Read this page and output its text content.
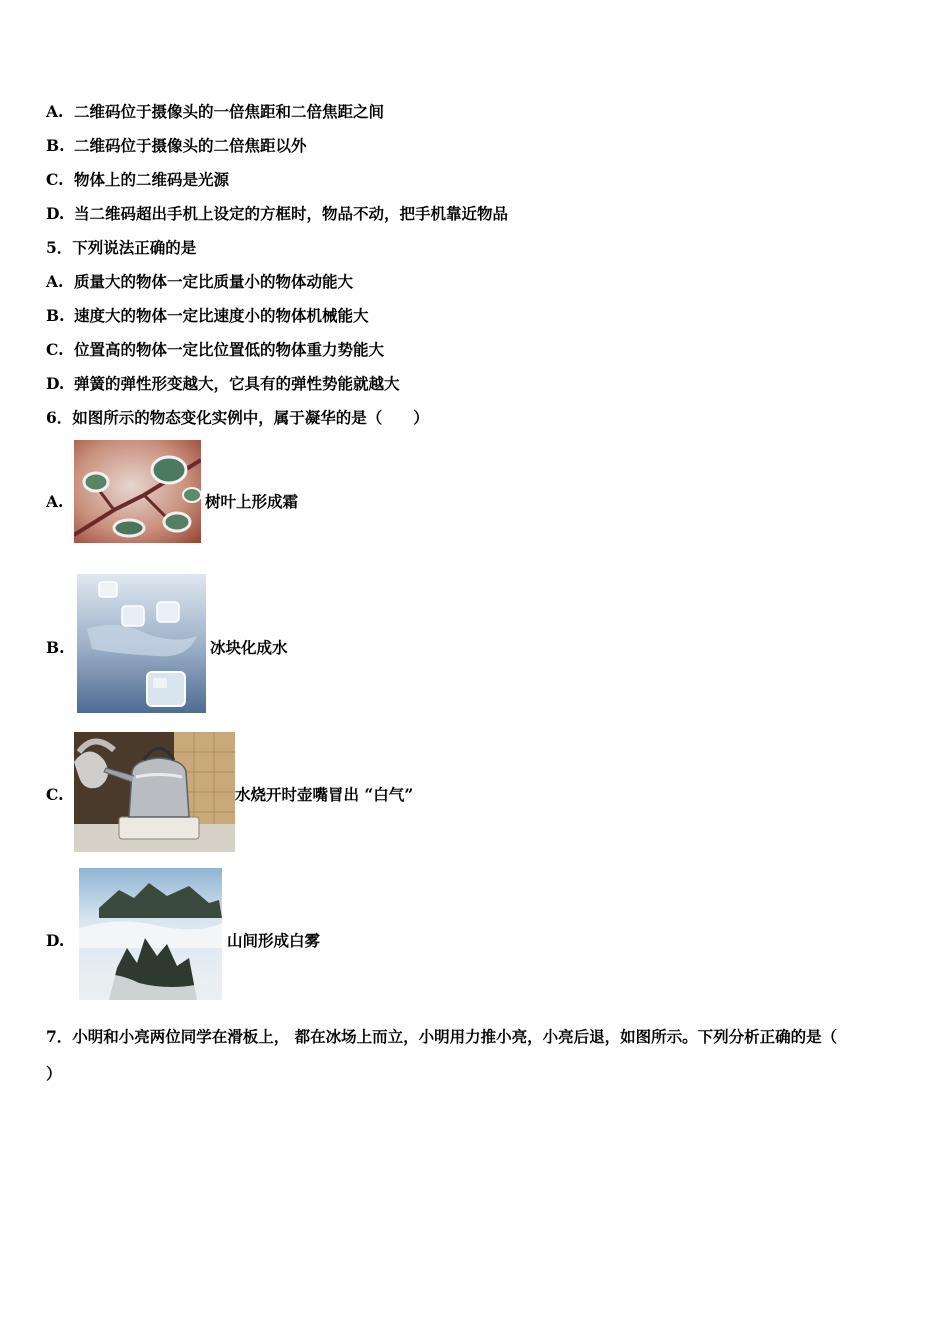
A. 二维码位于摄像头的一倍焦距和二倍焦距之间
B. 二维码位于摄像头的二倍焦距以外
C. 物体上的二维码是光源
D. 当二维码超出手机上设定的方框时，物品不动，把手机靠近物品
5．下列说法正确的是
A. 质量大的物体一定比质量小的物体动能大
B. 速度大的物体一定比速度小的物体机械能大
C. 位置高的物体一定比位置低的物体重力势能大
D. 弹簧的弹性形变越大，它具有的弹性势能就越大
6．如图所示的物态变化实例中，属于凝华的是（　　）
A.	树叶上形成霜
B.	冰块化成水
C.	水烧开时壶嘴冒出 “白气”
D.	山间形成白雾
7．小明和小亮两位同学在滑板上， 都在冰场上而立，小明用力推小亮，小亮后退，如图所示。下列分析正确的是（
）
